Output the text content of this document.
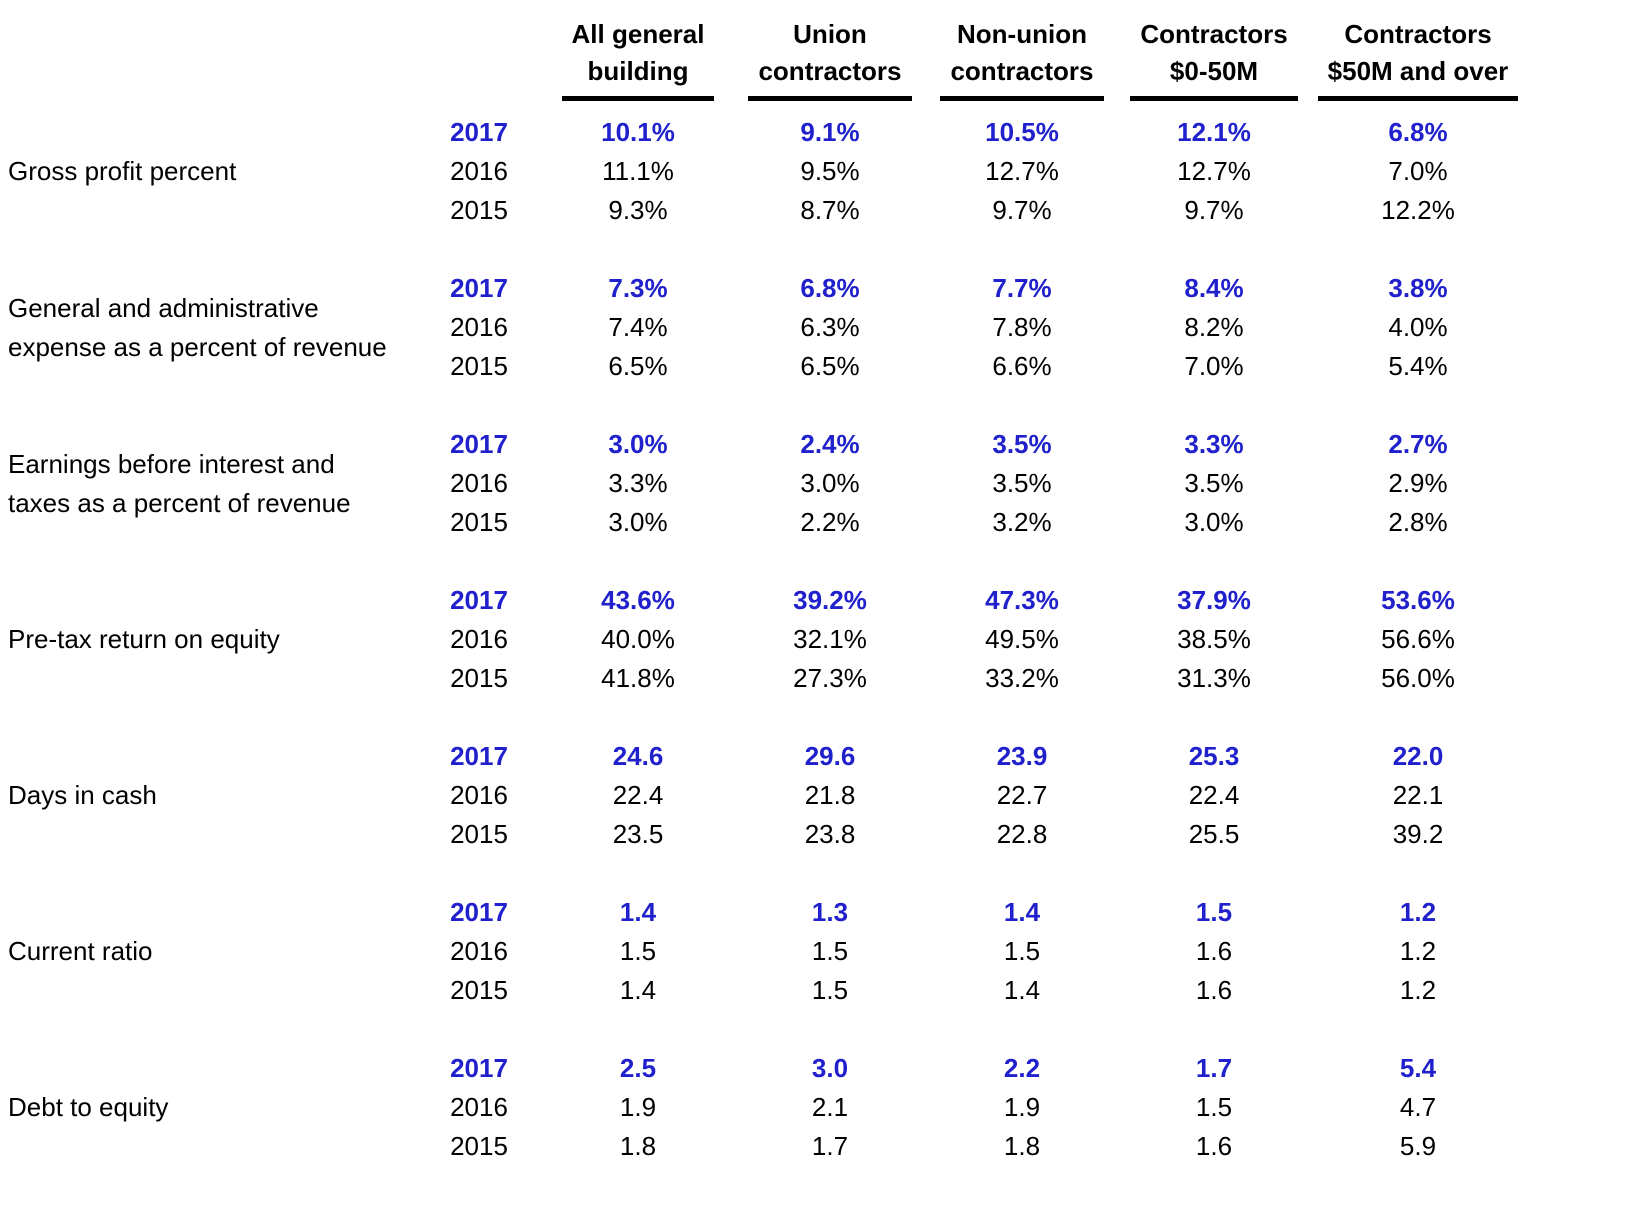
All general
building
Union
contractors
Non-union
contractors
Contractors
$0-50M
Contractors
$50M and over
Gross profit percent
2017	10.1%	9.1%	10.5%	12.1%	6.8%
2016	11.1%	9.5%	12.7%	12.7%	7.0%
2015	9.3%	8.7%	9.7%	9.7%	12.2%
General and administrative
expense as a percent of revenue
2017	7.3%	6.8%	7.7%	8.4%	3.8%
2016	7.4%	6.3%	7.8%	8.2%	4.0%
2015	6.5%	6.5%	6.6%	7.0%	5.4%
Earnings before interest and
taxes as a percent of revenue
2017	3.0%	2.4%	3.5%	3.3%	2.7%
2016	3.3%	3.0%	3.5%	3.5%	2.9%
2015	3.0%	2.2%	3.2%	3.0%	2.8%
Pre-tax return on equity
2017	43.6%	39.2%	47.3%	37.9%	53.6%
2016	40.0%	32.1%	49.5%	38.5%	56.6%
2015	41.8%	27.3%	33.2%	31.3%	56.0%
Days in cash
2017	24.6	29.6	23.9	25.3	22.0
2016	22.4	21.8	22.7	22.4	22.1
2015	23.5	23.8	22.8	25.5	39.2
Current ratio
2017	1.4	1.3	1.4	1.5	1.2
2016	1.5	1.5	1.5	1.6	1.2
2015	1.4	1.5	1.4	1.6	1.2
Debt to equity
2017	2.5	3.0	2.2	1.7	5.4
2016	1.9	2.1	1.9	1.5	4.7
2015	1.8	1.7	1.8	1.6	5.9
